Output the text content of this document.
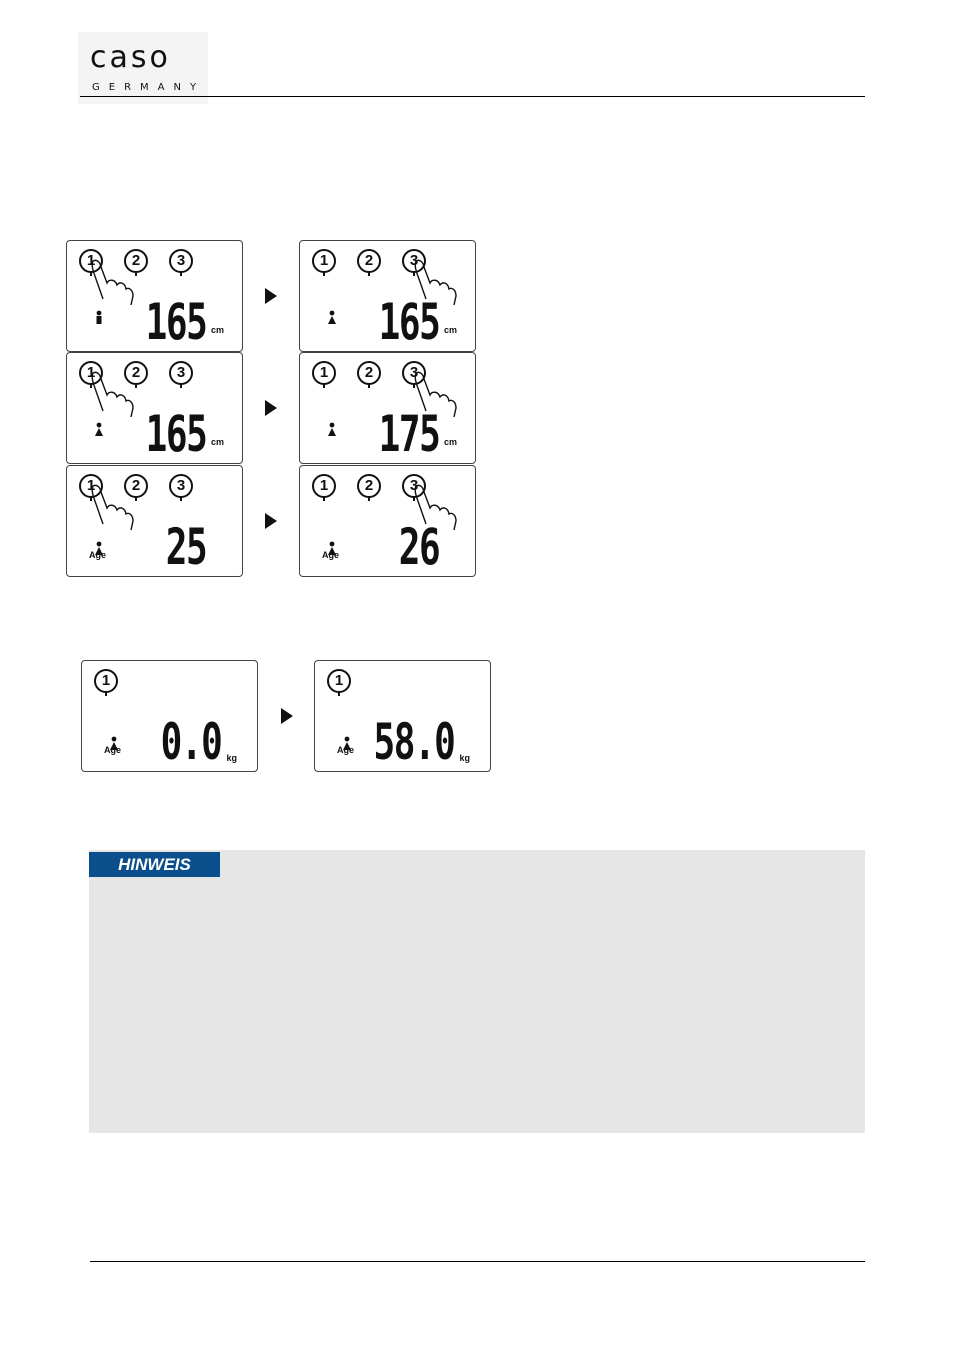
caso
GERMANY
1	2	3
165 cm
1	2	3
165 cm
1	2	3
165 cm
1	2	3
175 cm
1	2	3
Age 25
1	2	3
Age 26
1
Age 0.0 kg
1
Age 58.0 kg
HINWEIS
